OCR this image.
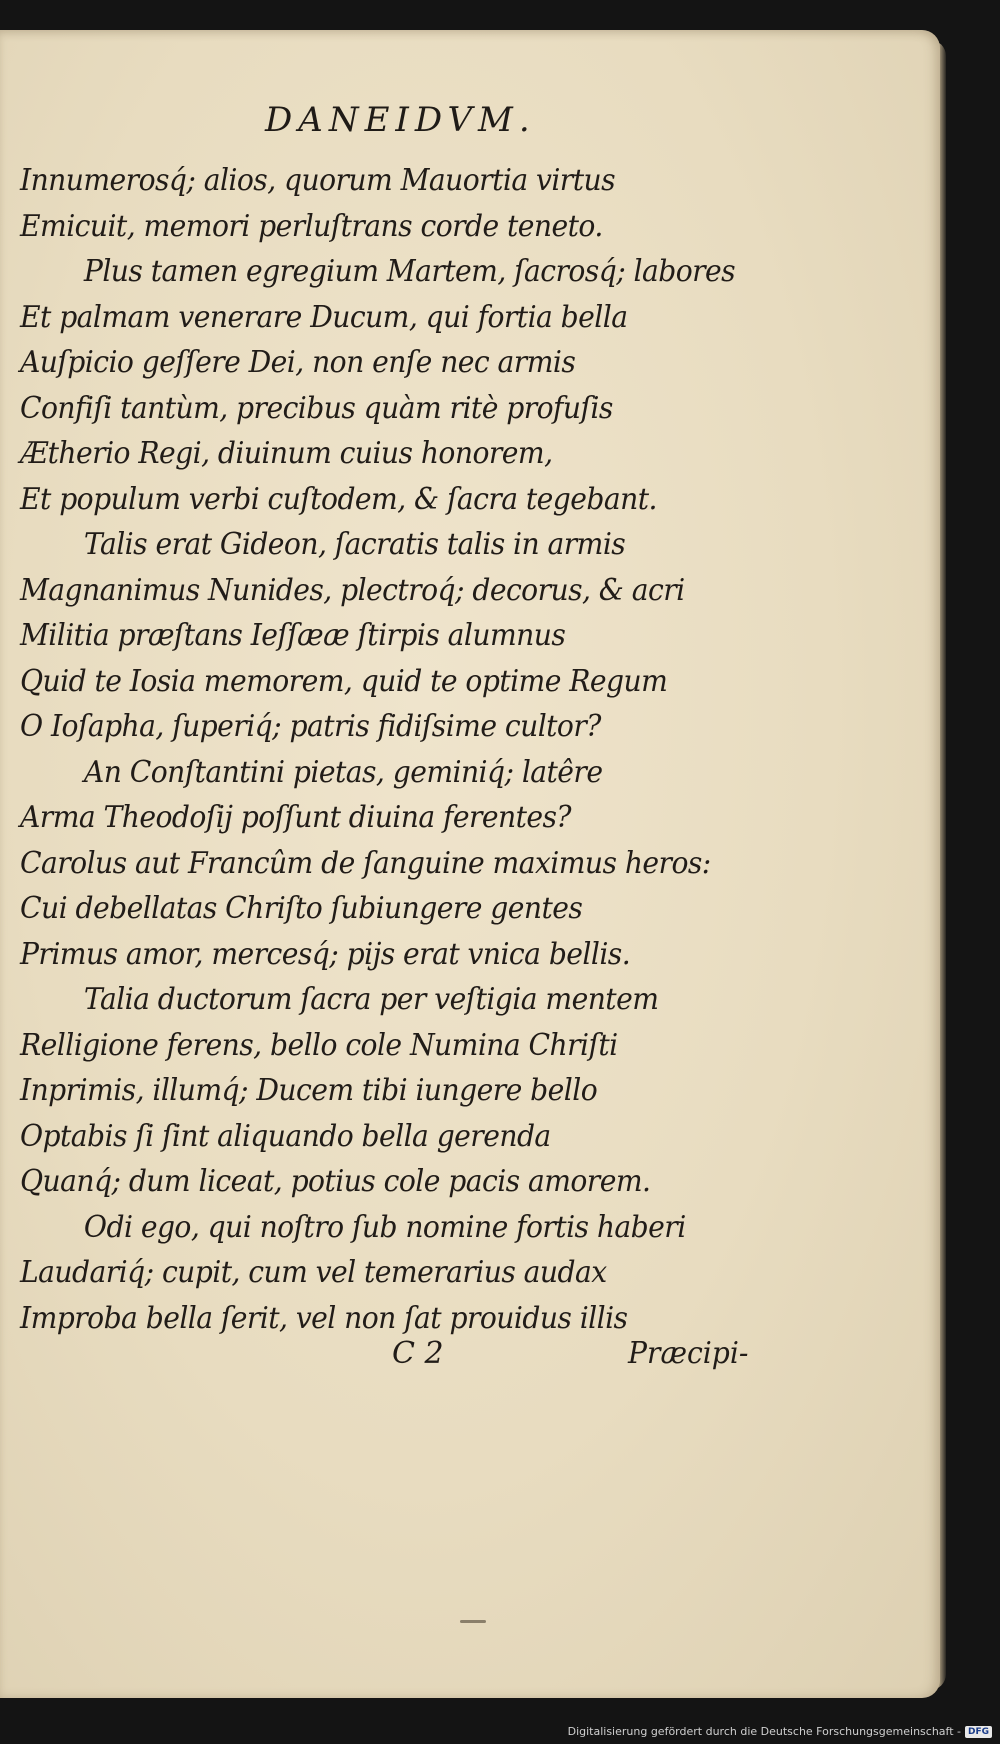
DANEIDVM.
Innumerosq́; alios, quorum Mauortia virtus
Emicuit, memori perluſtrans corde teneto.
Plus tamen egregium Martem, ſacrosq́; labores
Et palmam venerare Ducum, qui fortia bella
Auſpicio geſſere Dei, non enſe nec armis
Confiſi tantùm, precibus quàm ritè profuſis
Ætherio Regi, diuinum cuius honorem,
Et populum verbi cuſtodem, & ſacra tegebant.
Talis erat Gideon, ſacratis talis in armis
Magnanimus Nunides, plectroq́; decorus, & acri
Militia præſtans Ieſſææ ſtirpis alumnus
Quid te Iosia memorem, quid te optime Regum
O Ioſapha, ſuperiq́; patris fidiſsime cultor?
An Conſtantini pietas, geminiq́; latêre
Arma Theodoſij poſſunt diuina ferentes?
Carolus aut Francûm de ſanguine maximus heros:
Cui debellatas Chriſto ſubiungere gentes
Primus amor, mercesq́; pijs erat vnica bellis.
Talia ductorum ſacra per veſtigia mentem
Relligione ferens, bello cole Numina Chriſti
Inprimis, illumq́; Ducem tibi iungere bello
Optabis ſi ſint aliquando bella gerenda
Quanq́; dum liceat, potius cole pacis amorem.
Odi ego, qui noſtro ſub nomine fortis haberi
Laudariq́; cupit, cum vel temerarius audax
Improba bella ſerit, vel non ſat prouidus illis
C 2	Præcipi-
Digitalisierung gefördert durch die Deutsche Forschungsgemeinschaft - DFG
